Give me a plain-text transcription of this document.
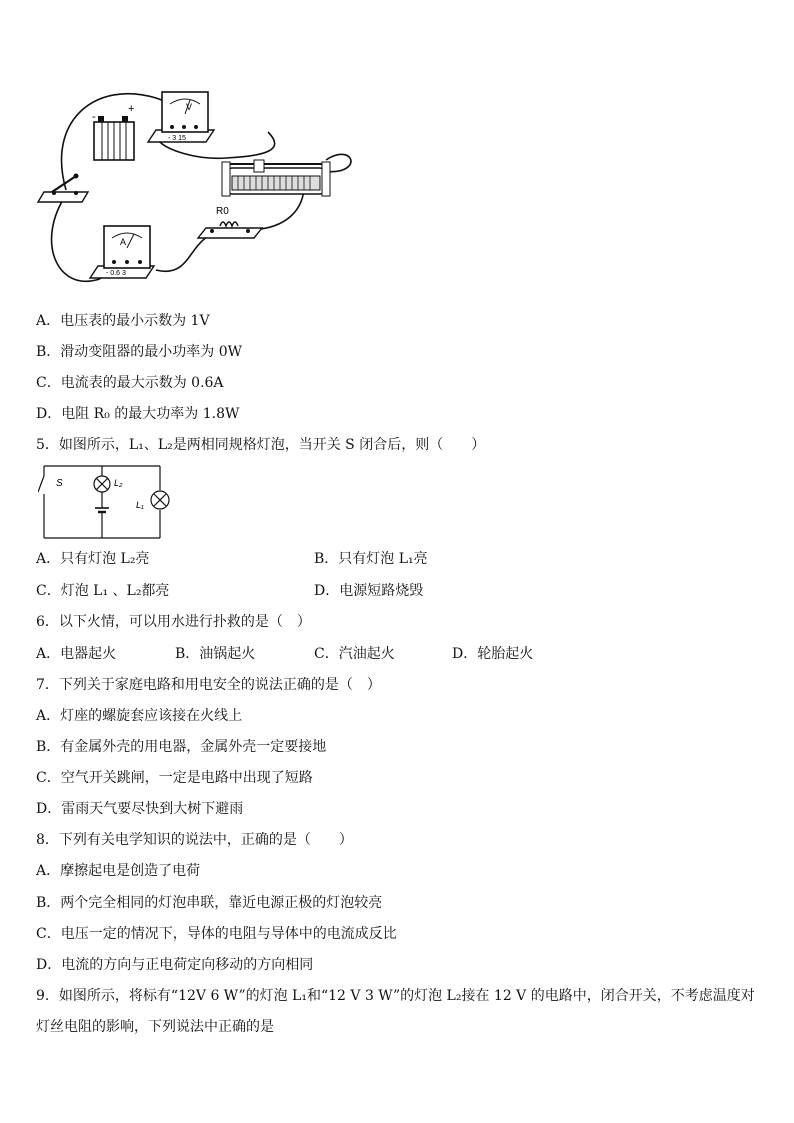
-
+	V
- 3 15
R0
A
- 0.6 3
A．电压表的最小示数为 1V
B．滑动变阻器的最小功率为 0W
C．电流表的最大示数为 0.6A
D．电阻 R₀ 的最大功率为 1.8W
5．如图所示，L₁、L₂是两相同规格灯泡，当开关 S 闭合后，则（　　）
S	L₂
L₁
A．只有灯泡 L₂亮	B．只有灯泡 L₁亮
C．灯泡 L₁ 、L₂都亮	D．电源短路烧毁
6．以下火情，可以用水进行扑救的是（　）
A．电器起火	B．油锅起火	C．汽油起火	D．轮胎起火
7．下列关于家庭电路和用电安全的说法正确的是（　）
A．灯座的螺旋套应该接在火线上
B．有金属外壳的用电器，金属外壳一定要接地
C．空气开关跳闸，一定是电路中出现了短路
D．雷雨天气要尽快到大树下避雨
8．下列有关电学知识的说法中，正确的是（　　）
A．摩擦起电是创造了电荷
B．两个完全相同的灯泡串联，靠近电源正极的灯泡较亮
C．电压一定的情况下，导体的电阻与导体中的电流成反比
D．电流的方向与正电荷定向移动的方向相同
9．如图所示，将标有“12V 6 W”的灯泡 L₁和“12 V 3 W”的灯泡 L₂接在 12 V 的电路中，闭合开关，不考虑温度对
灯丝电阻的影响，下列说法中正确的是
